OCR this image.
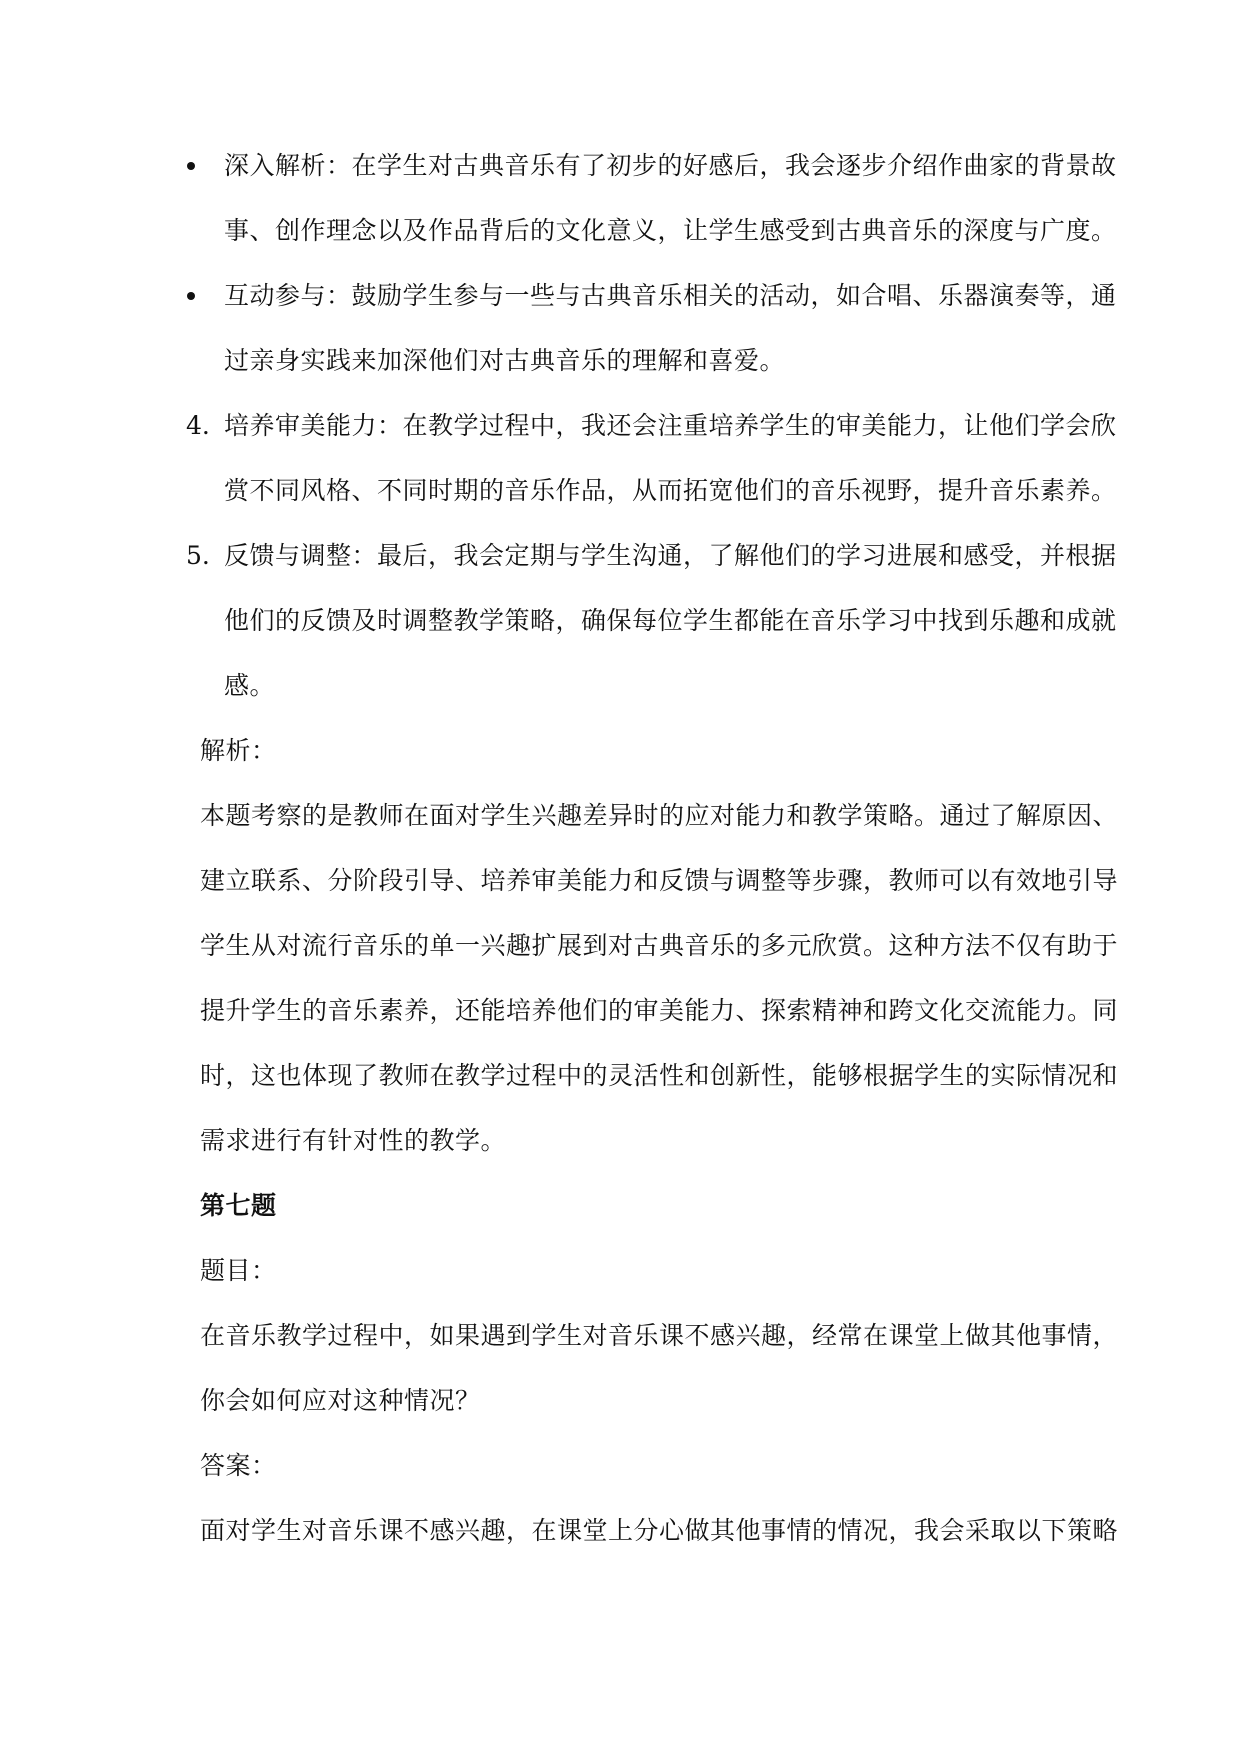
深入解析：在学生对古典音乐有了初步的好感后，我会逐步介绍作曲家的背景故
事、创作理念以及作品背后的文化意义，让学生感受到古典音乐的深度与广度。
互动参与：鼓励学生参与一些与古典音乐相关的活动，如合唱、乐器演奏等，通
过亲身实践来加深他们对古典音乐的理解和喜爱。
4. 培养审美能力：在教学过程中，我还会注重培养学生的审美能力，让他们学会欣
赏不同风格、不同时期的音乐作品，从而拓宽他们的音乐视野，提升音乐素养。
5. 反馈与调整：最后，我会定期与学生沟通，了解他们的学习进展和感受，并根据
他们的反馈及时调整教学策略，确保每位学生都能在音乐学习中找到乐趣和成就
感。
解析：
本题考察的是教师在面对学生兴趣差异时的应对能力和教学策略。通过了解原因、
建立联系、分阶段引导、培养审美能力和反馈与调整等步骤，教师可以有效地引导
学生从对流行音乐的单一兴趣扩展到对古典音乐的多元欣赏。这种方法不仅有助于
提升学生的音乐素养，还能培养他们的审美能力、探索精神和跨文化交流能力。同
时，这也体现了教师在教学过程中的灵活性和创新性，能够根据学生的实际情况和
需求进行有针对性的教学。
第七题
题目：
在音乐教学过程中，如果遇到学生对音乐课不感兴趣，经常在课堂上做其他事情，
你会如何应对这种情况？
答案：
面对学生对音乐课不感兴趣，在课堂上分心做其他事情的情况，我会采取以下策略
